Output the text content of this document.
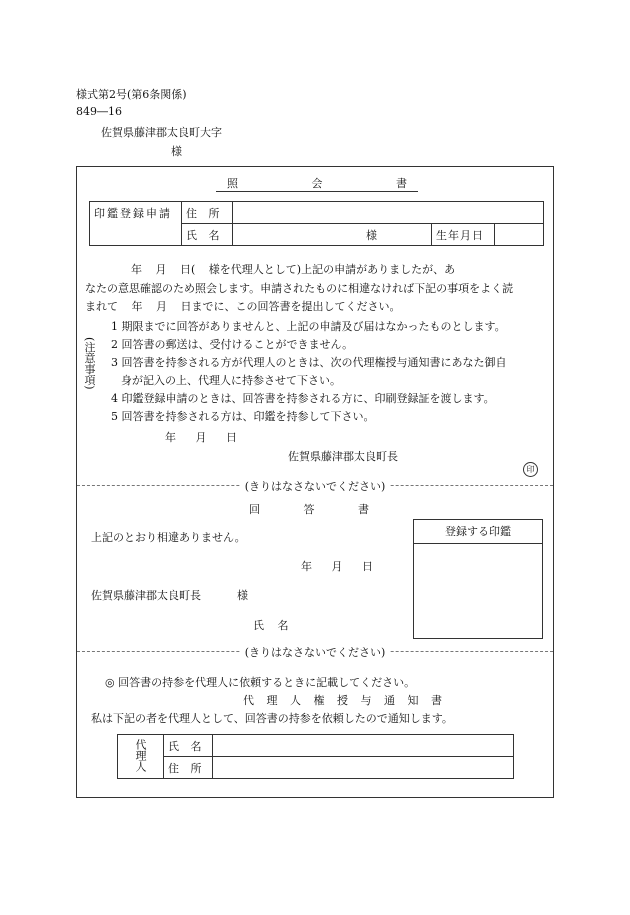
様式第2号(第6条関係)
849―16
佐賀県藤津郡太良町大字
様
照 会 書
印鑑登録申請	住 所			
	氏 名	様	生年月日	
年 月 日( 様を代理人として)上記の申請がありましたが、あ
なたの意思確認のため照会します。申請されたものに相違なければ下記の事項をよく読
まれて 年 月 日までに、この回答書を提出してください。
(注意事項)
1 期限までに回答がありませんと、上記の申請及び届はなかったものとします。
2 回答書の郵送は、受付けることができません。
3 回答書を持参される方が代理人のときは、次の代理権授与通知書にあなた御自
身が記入の上、代理人に持参させて下さい。
4 印鑑登録申請のときは、回答書を持参される方に、印刷登録証を渡します。
5 回答書を持参される方は、印鑑を持参して下さい。
年 月 日
佐賀県藤津郡太良町長
印
(きりはなさないでください)
回 答 書
上記のとおり相違ありません。	登録する印鑑
年 月 日
佐賀県藤津郡太良町長	様
氏 名
(きりはなさないでください)
◎ 回答書の持参を代理人に依頼するときに記載してください。
代 理 人 権 授 与 通 知 書
私は下記の者を代理人として、回答書の持参を依頼したので通知します。
代理人	氏 名	
	住 所	
